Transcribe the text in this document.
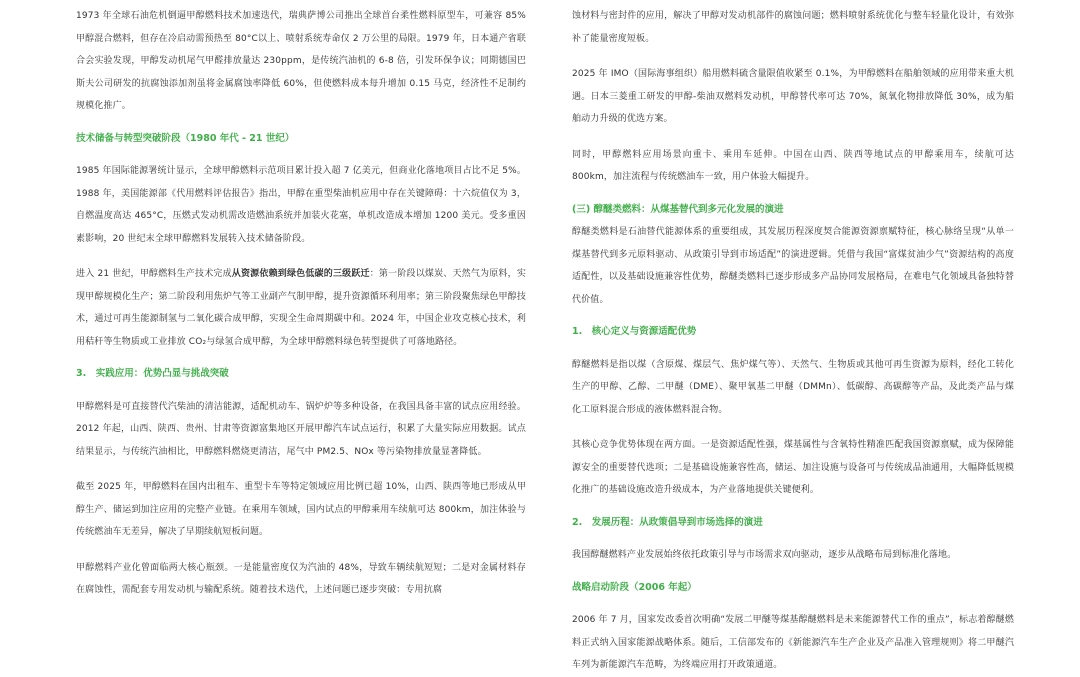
1973 年全球石油危机倒逼甲醇燃料技术加速迭代，瑞典萨博公司推出全球首台柔性燃料原型车，可兼容 85% 甲醇混合燃料，但存在冷启动需预热至 80°C以上、喷射系统寿命仅 2 万公里的局限。1979 年，日本通产省联合会实验发现，甲醇发动机尾气甲醛排放量达 230ppm，是传统汽油机的 6-8 倍，引发环保争议；同期德国巴斯夫公司研发的抗腐蚀添加剂虽将金属腐蚀率降低 60%，但使燃料成本每升增加 0.15 马克，经济性不足制约规模化推广。

技术储备与转型突破阶段（1980 年代 - 21 世纪）

1985 年国际能源署统计显示，全球甲醇燃料示范项目累计投入超 7 亿美元，但商业化落地项目占比不足 5%。1988 年，美国能源部《代用燃料评估报告》指出，甲醇在重型柴油机应用中存在关键障碍：十六烷值仅为 3，自燃温度高达 465°C，压燃式发动机需改造燃油系统并加装火花塞，单机改造成本增加 1200 美元。受多重因素影响，20 世纪末全球甲醇燃料发展转入技术储备阶段。

进入 21 世纪，甲醇燃料生产技术完成从资源依赖到绿色低碳的三级跃迁：第一阶段以煤炭、天然气为原料，实现甲醇规模化生产；第二阶段利用焦炉气等工业副产气制甲醇，提升资源循环利用率；第三阶段聚焦绿色甲醇技术，通过可再生能源制氢与二氧化碳合成甲醇，实现全生命周期碳中和。2024 年，中国企业攻克核心技术，利用秸秆等生物质或工业排放 CO₂与绿氢合成甲醇，为全球甲醇燃料绿色转型提供了可落地路径。

3.　实践应用：优势凸显与挑战突破

甲醇燃料是可直接替代汽柴油的清洁能源，适配机动车、锅炉炉等多种设备，在我国具备丰富的试点应用经验。2012 年起，山西、陕西、贵州、甘肃等资源富集地区开展甲醇汽车试点运行，积累了大量实际应用数据。试点结果显示，与传统汽油相比，甲醇燃料燃烧更清洁，尾气中 PM2.5、NOx 等污染物排放量显著降低。

截至 2025 年，甲醇燃料在国内出租车、重型卡车等特定领域应用比例已超 10%，山西、陕西等地已形成从甲醇生产、储运到加注应用的完整产业链。在乘用车领域，国内试点的甲醇乘用车续航可达 800km，加注体验与传统燃油车无差异，解决了早期续航短板问题。

甲醇燃料产业化曾面临两大核心瓶颈。一是能量密度仅为汽油的 48%，导致车辆续航短短；二是对金属材料存在腐蚀性，需配套专用发动机与输配系统。随着技术迭代，上述问题已逐步突破：专用抗腐

蚀材料与密封件的应用，解决了甲醇对发动机部件的腐蚀问题；燃料喷射系统优化与整车轻量化设计，有效弥补了能量密度短板。

2025 年 IMO（国际海事组织）船用燃料硫含量限值收紧至 0.1%，为甲醇燃料在船舶领域的应用带来重大机遇。日本三菱重工研发的甲醇-柴油双燃料发动机，甲醇替代率可达 70%，氮氧化物排放降低 30%，成为船舶动力升级的优选方案。

同时，甲醇燃料应用场景向重卡、乘用车延伸。中国在山西、陕西等地试点的甲醇乘用车，续航可达 800km，加注流程与传统燃油车一致，用户体验大幅提升。

(三) 醇醚类燃料：从煤基替代到多元化发展的演进

醇醚类燃料是石油替代能源体系的重要组成，其发展历程深度契合能源资源禀赋特征，核心脉络呈现“从单一煤基替代到多元原料驱动、从政策引导到市场适配”的演进逻辑。凭借与我国“富煤贫油少气”资源结构的高度适配性，以及基础设施兼容性优势，醇醚类燃料已逐步形成多产品协同发展格局，在难电气化领域具备独特替代价值。

1.　核心定义与资源适配优势

醇醚燃料是指以煤（含原煤、煤层气、焦炉煤气等）、天然气、生物质或其他可再生资源为原料，经化工转化生产的甲醇、乙醇、二甲醚（DME）、聚甲氧基二甲醚（DMMn）、低碳醇、高碳醇等产品，及此类产品与煤化工原料混合形成的液体燃料混合物。

其核心竞争优势体现在两方面。一是资源适配性强，煤基属性与含氧特性精准匹配我国资源禀赋，成为保障能源安全的重要替代选项；二是基础设施兼容性高，储运、加注设施与设备可与传统成品油通用，大幅降低规模化推广的基础设施改造升级成本，为产业落地提供关键便利。

2.　发展历程：从政策倡导到市场选择的演进

我国醇醚燃料产业发展始终依托政策引导与市场需求双向驱动，逐步从战略布局到标准化落地。

战略启动阶段（2006 年起）

2006 年 7 月，国家发改委首次明确“发展二甲醚等煤基醇醚燃料是未来能源替代工作的重点”，标志着醇醚燃料正式纳入国家能源战略体系。随后，工信部发布的《新能源汽车生产企业及产品准入管理规则》将二甲醚汽车列为新能源汽车范畴，为终端应用打开政策通道。
